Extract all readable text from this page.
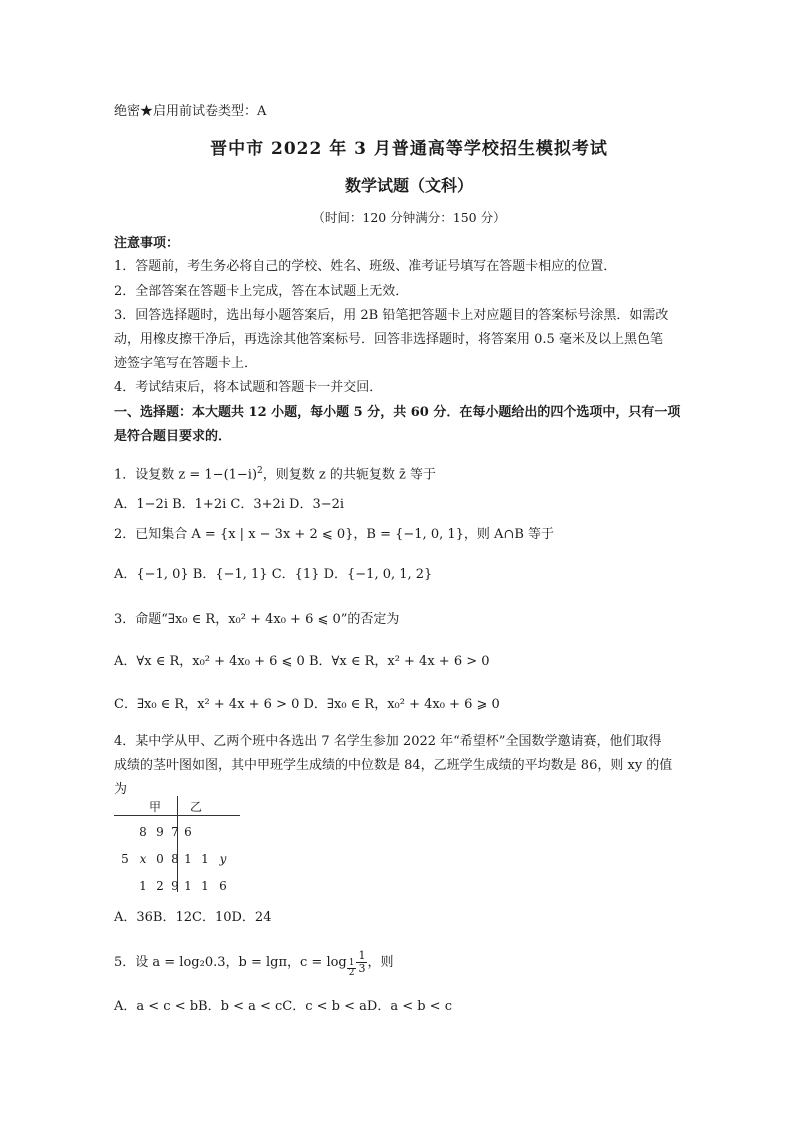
绝密★启用前试卷类型：A
晋中市 2022 年 3 月普通高等学校招生模拟考试
数学试题（文科）
（时间：120 分钟满分：150 分）
注意事项：
1．答题前，考生务必将自己的学校、姓名、班级、准考证号填写在答题卡相应的位置．
2．全部答案在答题卡上完成，答在本试题上无效．
3．回答选择题时，选出每小题答案后，用 2B 铅笔把答题卡上对应题目的答案标号涂黑．如需改
动，用橡皮擦干净后，再选涂其他答案标号．回答非选择题时，将答案用 0.5 毫米及以上黑色笔
迹签字笔写在答题卡上．
4．考试结束后，将本试题和答题卡一并交回．
一、选择题：本大题共 12 小题，每小题 5 分，共 60 分．在每小题给出的四个选项中，只有一项
是符合题目要求的．
1．设复数 $z = 1-(1-i)^2$，则复数 z 的共轭复数 z̄ 等于
A．1−2i B．1+2i C．3+2i D．3−2i
2．已知集合 A = {x | x − 3x + 2 ⩽ 0}，B = {−1, 0, 1}，则 A∩B 等于
A．{−1, 0} B．{−1, 1} C．{1} D．{−1, 0, 1, 2}
3．命题“∃x₀ ∈ R，x₀² + 4x₀ + 6 ⩽ 0”的否定为
A．∀x ∈ R，x₀² + 4x₀ + 6 ⩽ 0 B．∀x ∈ R，x² + 4x + 6 > 0
C．∃x₀ ∈ R，x² + 4x + 6 > 0 D．∃x₀ ∈ R，x₀² + 4x₀ + 6 ⩾ 0
4．某中学从甲、乙两个班中各选出 7 名学生参加 2022 年“希望杯”全国数学邀请赛，他们取得
成绩的茎叶图如图，其中甲班学生成绩的中位数是 84，乙班学生成绩的平均数是 86，则 xy 的值
为
甲 乙
8 9 7 6
5 x 0 8 1 1 y
1 2 9 1 1 6
A．36B．12C．10D．24
5．设 a = log₂0.3，b = lgπ，$c = \log \frac{1}{2} \frac{1}{3}$ ，则
A．a < c < bB．b < a < cC．c < b < aD．a < b < c
